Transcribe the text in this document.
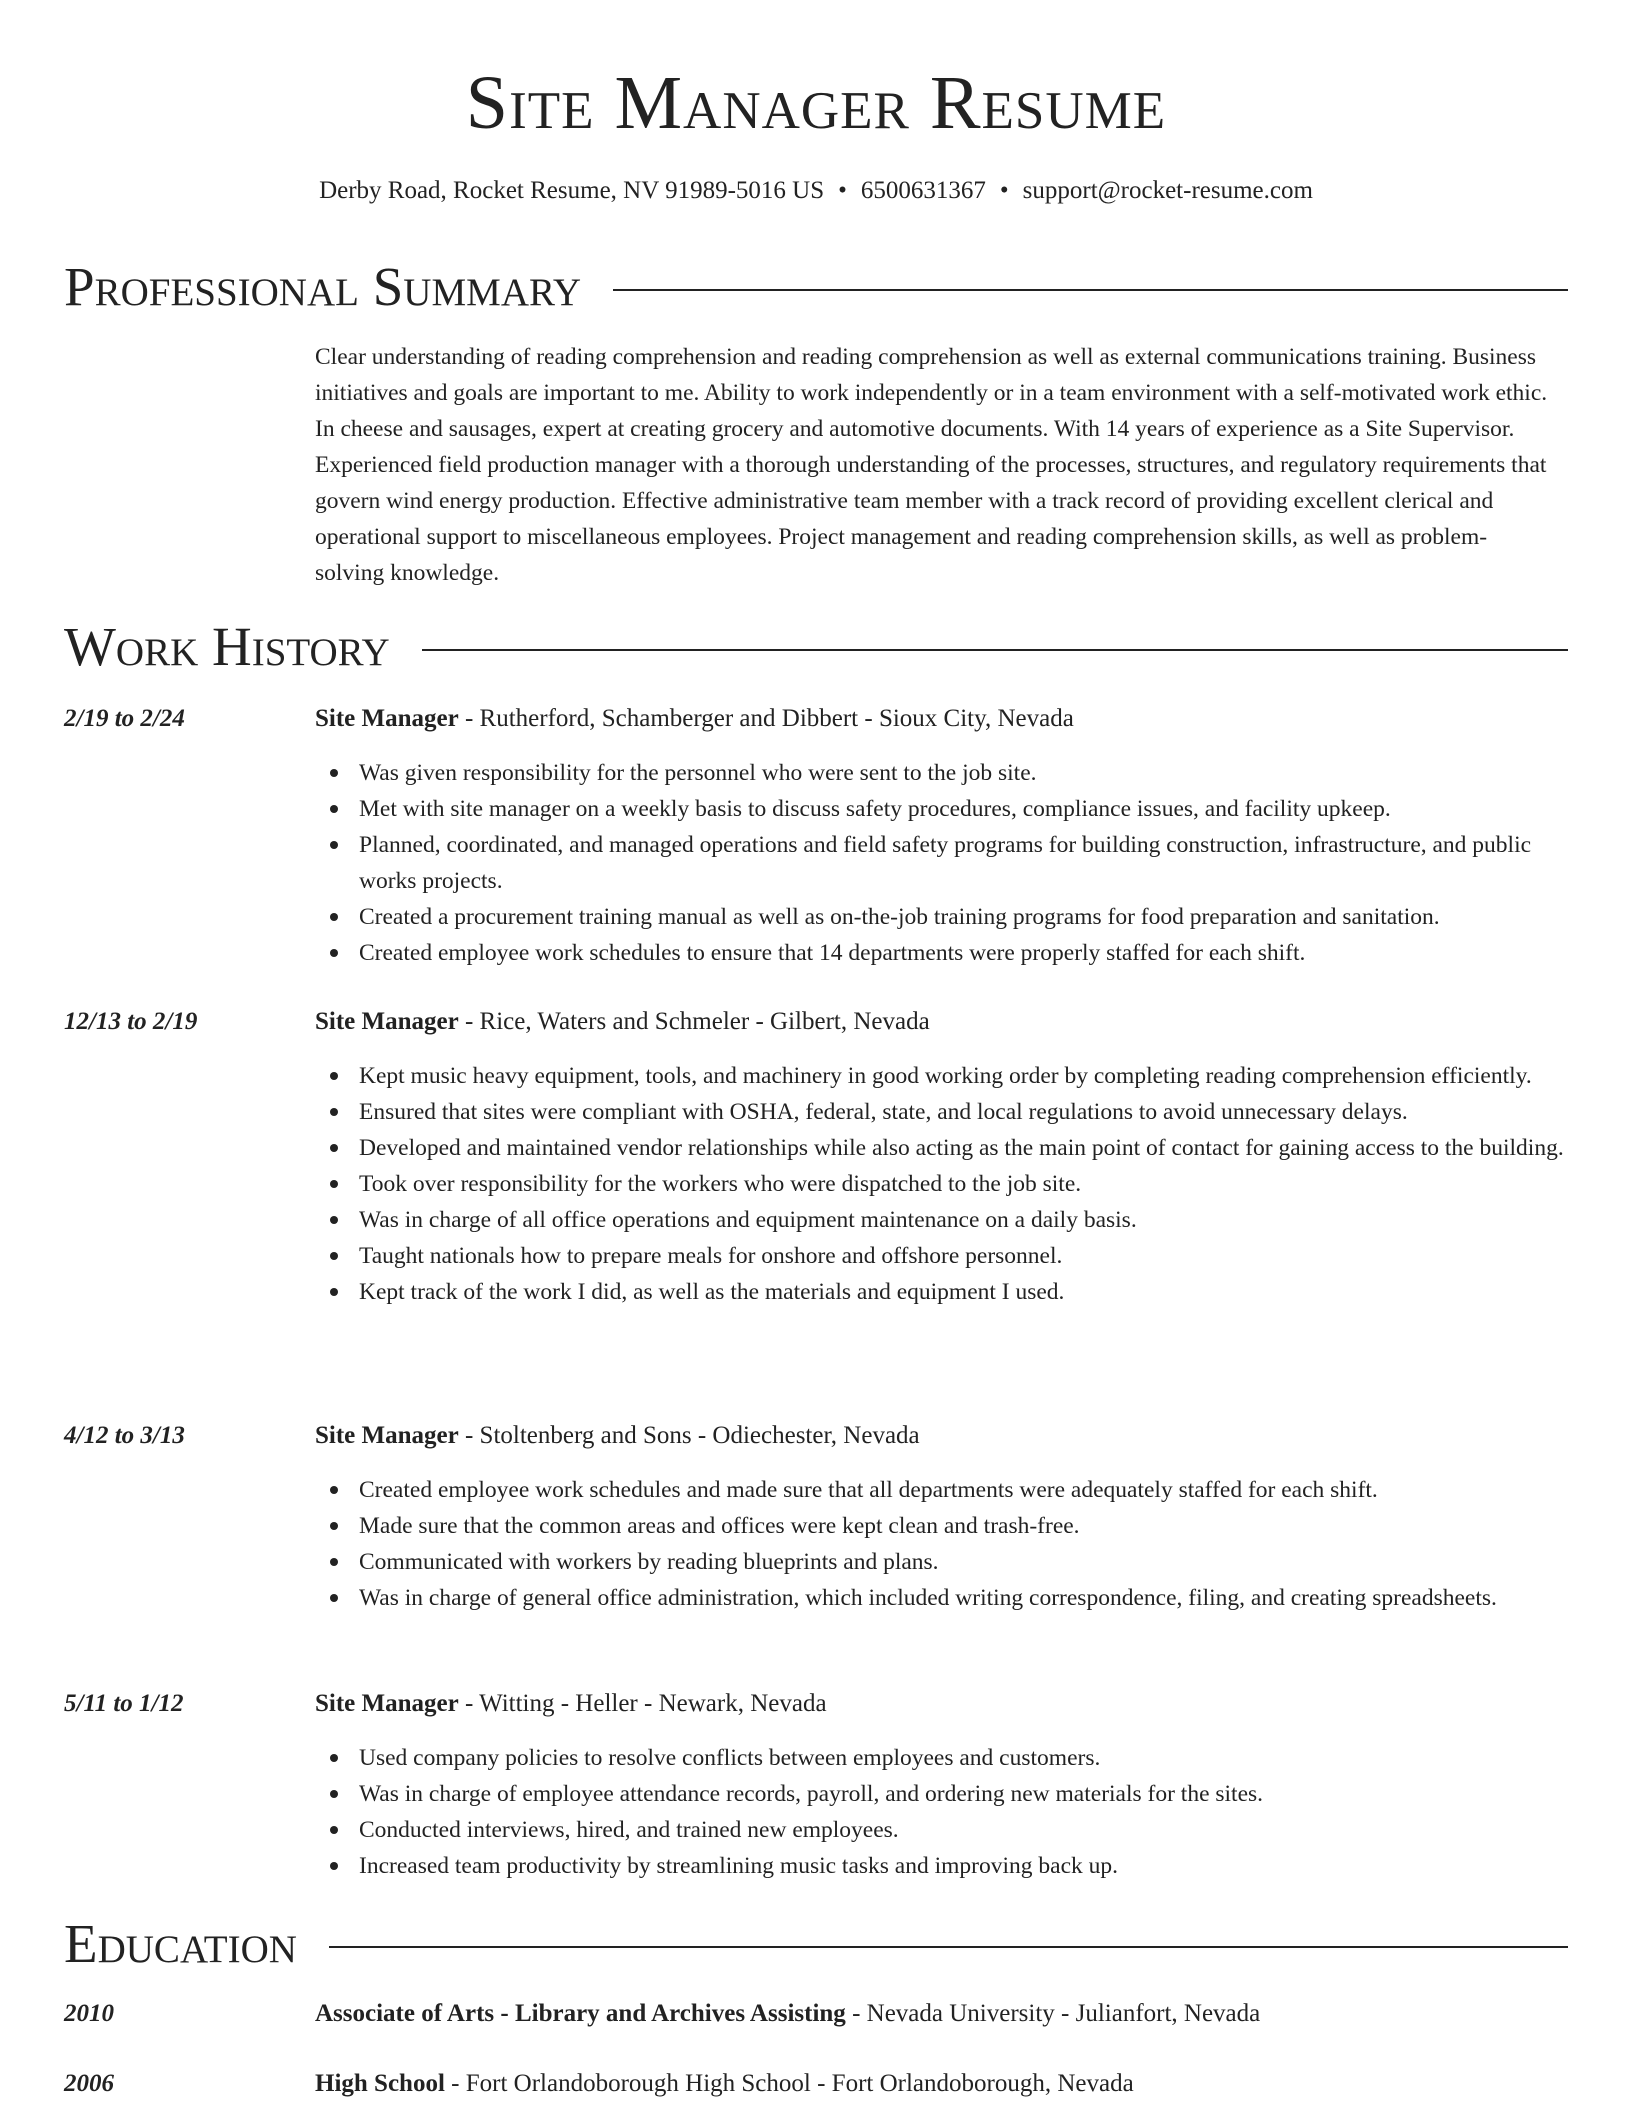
Site Manager Resume
Derby Road, Rocket Resume, NV 91989-5016 US • 6500631367 • support@rocket-resume.com
Professional Summary
Clear understanding of reading comprehension and reading comprehension as well as external communications training. Business initiatives and goals are important to me. Ability to work independently or in a team environment with a self-motivated work ethic. In cheese and sausages, expert at creating grocery and automotive documents. With 14 years of experience as a Site Supervisor. Experienced field production manager with a thorough understanding of the processes, structures, and regulatory requirements that govern wind energy production. Effective administrative team member with a track record of providing excellent clerical and operational support to miscellaneous employees. Project management and reading comprehension skills, as well as problem-solving knowledge.
Work History
2/19 to 2/24	Site Manager - Rutherford, Schamberger and Dibbert - Sioux City, Nevada
Was given responsibility for the personnel who were sent to the job site.
Met with site manager on a weekly basis to discuss safety procedures, compliance issues, and facility upkeep.
Planned, coordinated, and managed operations and field safety programs for building construction, infrastructure, and public works projects.
Created a procurement training manual as well as on-the-job training programs for food preparation and sanitation.
Created employee work schedules to ensure that 14 departments were properly staffed for each shift.
12/13 to 2/19	Site Manager - Rice, Waters and Schmeler - Gilbert, Nevada
Kept music heavy equipment, tools, and machinery in good working order by completing reading comprehension efficiently.
Ensured that sites were compliant with OSHA, federal, state, and local regulations to avoid unnecessary delays.
Developed and maintained vendor relationships while also acting as the main point of contact for gaining access to the building.
Took over responsibility for the workers who were dispatched to the job site.
Was in charge of all office operations and equipment maintenance on a daily basis.
Taught nationals how to prepare meals for onshore and offshore personnel.
Kept track of the work I did, as well as the materials and equipment I used.
4/12 to 3/13	Site Manager - Stoltenberg and Sons - Odiechester, Nevada
Created employee work schedules and made sure that all departments were adequately staffed for each shift.
Made sure that the common areas and offices were kept clean and trash-free.
Communicated with workers by reading blueprints and plans.
Was in charge of general office administration, which included writing correspondence, filing, and creating spreadsheets.
5/11 to 1/12	Site Manager - Witting - Heller - Newark, Nevada
Used company policies to resolve conflicts between employees and customers.
Was in charge of employee attendance records, payroll, and ordering new materials for the sites.
Conducted interviews, hired, and trained new employees.
Increased team productivity by streamlining music tasks and improving back up.
Education
2010	Associate of Arts - Library and Archives Assisting - Nevada University - Julianfort, Nevada
2006	High School - Fort Orlandoborough High School - Fort Orlandoborough, Nevada
